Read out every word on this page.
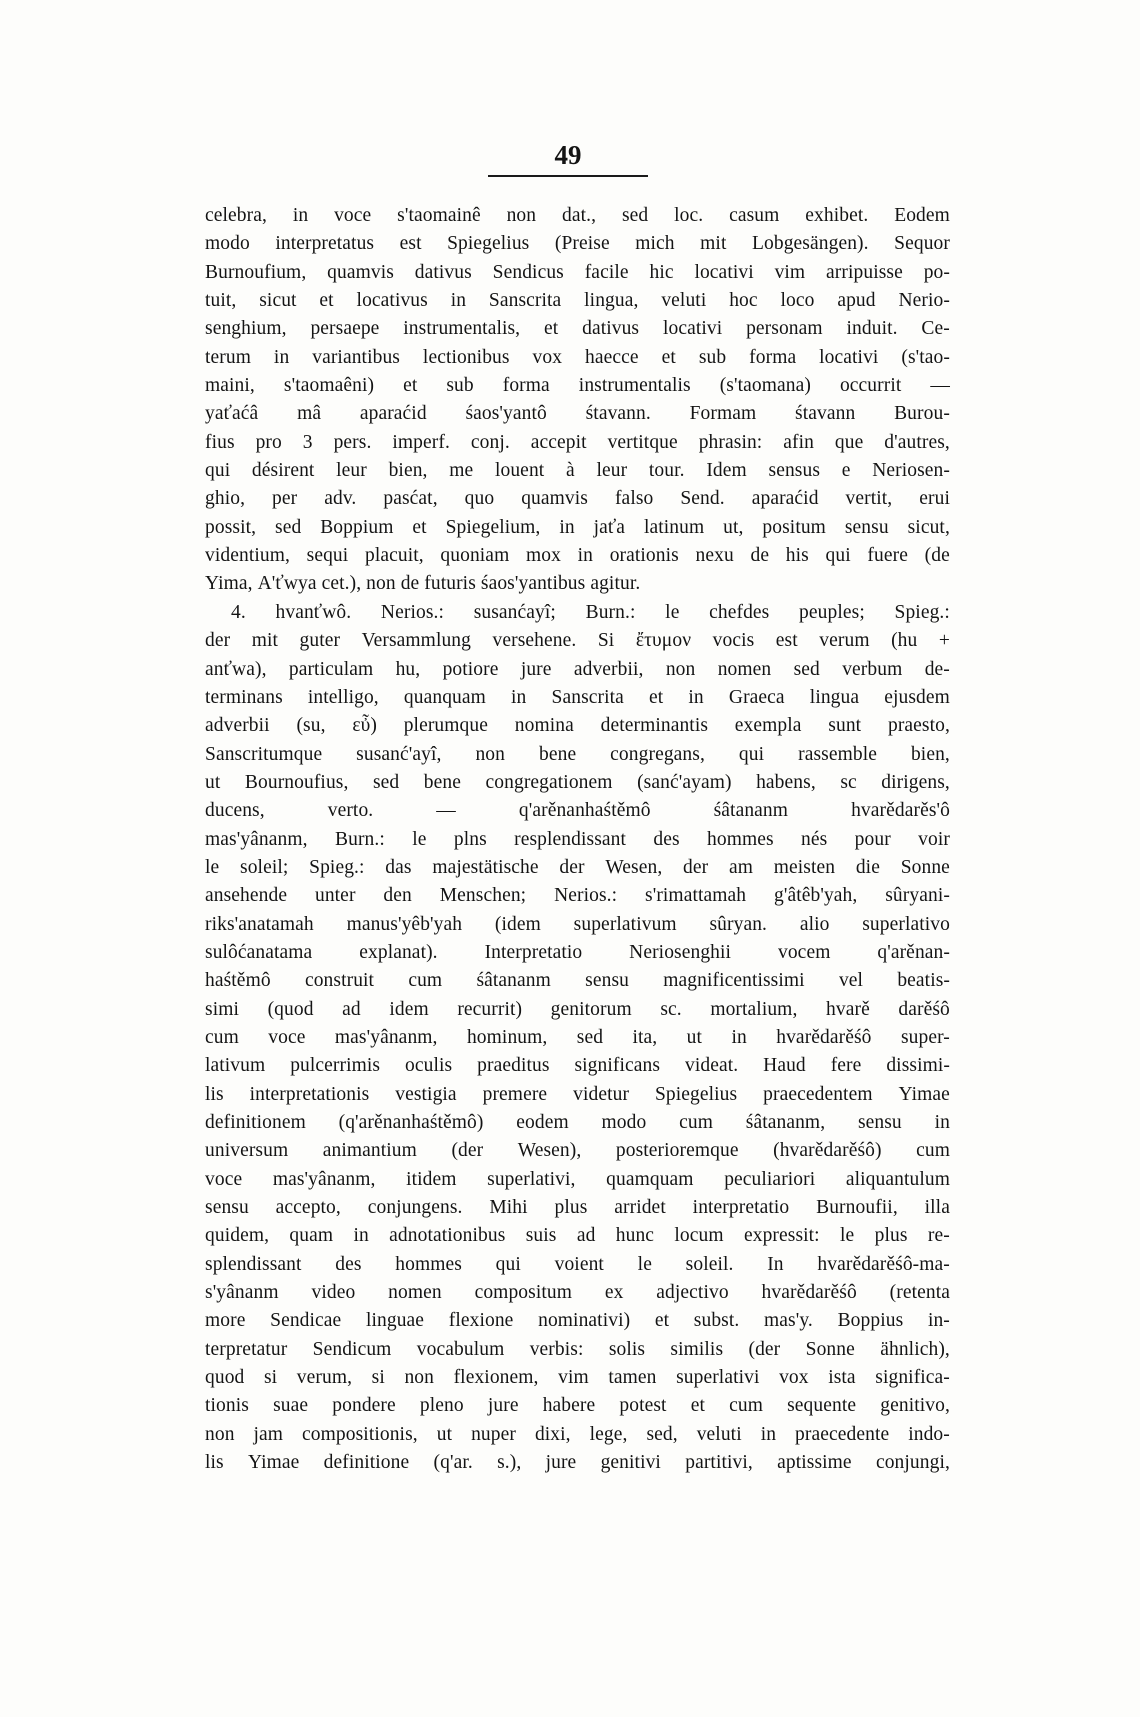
49
celebra, in voce s'taomainê non dat., sed loc. casum exhibet. Eodem
modo interpretatus est Spiegelius (Preise mich mit Lobgesängen). Sequor
Burnoufium, quamvis dativus Sendicus facile hic locativi vim arripuisse po-
tuit, sicut et locativus in Sanscrita lingua, veluti hoc loco apud Nerio-
senghium, persaepe instrumentalis, et dativus locativi personam induit. Ce-
terum in variantibus lectionibus vox haecce et sub forma locativi (s'tao-
maini, s'taomaêni) et sub forma instrumentalis (s'taomana) occurrit —
yaťaćâ mâ aparaćid śaos'yantô śtavann. Formam śtavann Burou-
fius pro 3 pers. imperf. conj. accepit vertitque phrasin: afin que d'autres,
qui désirent leur bien, me louent à leur tour. Idem sensus e Neriosen-
ghio, per adv. pasćat, quo quamvis falso Send. aparaćid vertit, erui
possit, sed Boppium et Spiegelium, in jaťa latinum ut, positum sensu sicut,
videntium, sequi placuit, quoniam mox in orationis nexu de his qui fuere (de
Yima, A'ťwya cet.), non de futuris śaos'yantibus agitur.
4. hvanťwô. Nerios.: susanćayî; Burn.: le chefdes peuples; Spieg.:
der mit guter Versammlung versehene. Si ἔτυμον vocis est verum (hu +
anťwa), particulam hu, potiore jure adverbii, non nomen sed verbum de-
terminans intelligo, quanquam in Sanscrita et in Graeca lingua ejusdem
adverbii (su, εὖ) plerumque nomina determinantis exempla sunt praesto,
Sanscritumque susanć'ayî, non bene congregans, qui rassemble bien,
ut Bournoufius, sed bene congregationem (sanć'ayam) habens, sc dirigens,
ducens,	verto.	—	q'arěnanhaśtěmô	śâtananm	hvarědarěs'ô
mas'yânanm, Burn.: le plns resplendissant des hommes nés pour voir
le soleil; Spieg.: das majestätische der Wesen, der am meisten die Sonne
ansehende unter den Menschen; Nerios.: s'rimattamah g'âtêb'yah, sûryani-
riks'anatamah manus'yêb'yah (idem superlativum sûryan. alio superlativo
sulôćanatama explanat). Interpretatio Neriosenghii vocem q'arěnan-
haśtěmô construit cum śâtananm sensu magnificentissimi vel beatis-
simi (quod ad idem recurrit) genitorum sc. mortalium, hvarě darěśô
cum voce mas'yânanm, hominum, sed ita, ut in hvarědarěśô super-
lativum pulcerrimis oculis praeditus significans videat. Haud fere dissimi-
lis interpretationis vestigia premere videtur Spiegelius praecedentem Yimae
definitionem (q'arěnanhaśtěmô) eodem modo cum śâtananm, sensu in
universum animantium (der Wesen), posterioremque (hvarědarěśô) cum
voce mas'yânanm, itidem superlativi, quamquam peculiariori aliquantulum
sensu accepto, conjungens. Mihi plus arridet interpretatio Burnoufii, illa
quidem, quam in adnotationibus suis ad hunc locum expressit: le plus re-
splendissant des hommes qui voient le soleil. In hvarědarěśô-ma-
s'yânanm video nomen compositum ex adjectivo hvarědarěśô (retenta
more Sendicae linguae flexione nominativi) et subst. mas'y. Boppius in-
terpretatur Sendicum vocabulum verbis: solis similis (der Sonne ähnlich),
quod si verum, si non flexionem, vim tamen superlativi vox ista significa-
tionis suae pondere pleno jure habere potest et cum sequente genitivo,
non jam compositionis, ut nuper dixi, lege, sed, veluti in praecedente indo-
lis Yimae definitione (q'ar. s.), jure genitivi partitivi, aptissime conjungi,
